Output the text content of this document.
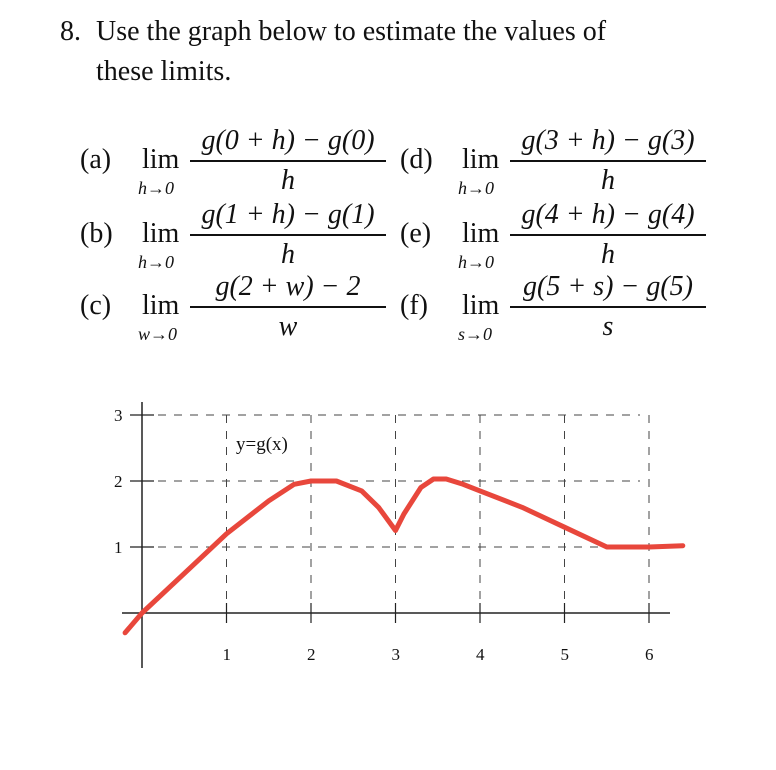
8. Use the graph below to estimate the values of
these limits.
(a) lim
h→0
g(0 + h) − g(0)
h
(b) lim
h→0
g(1 + h) − g(1)
h
(c) lim
w→0
g(2 + w) − 2
w
(d) lim
h→0
g(3 + h) − g(3)
h
(e) lim
h→0
g(4 + h) − g(4)
h
(f) lim
s→0
g(5 + s) − g(5)
s
1	2	3	4	5	6
1
2
3
y=g(x)
